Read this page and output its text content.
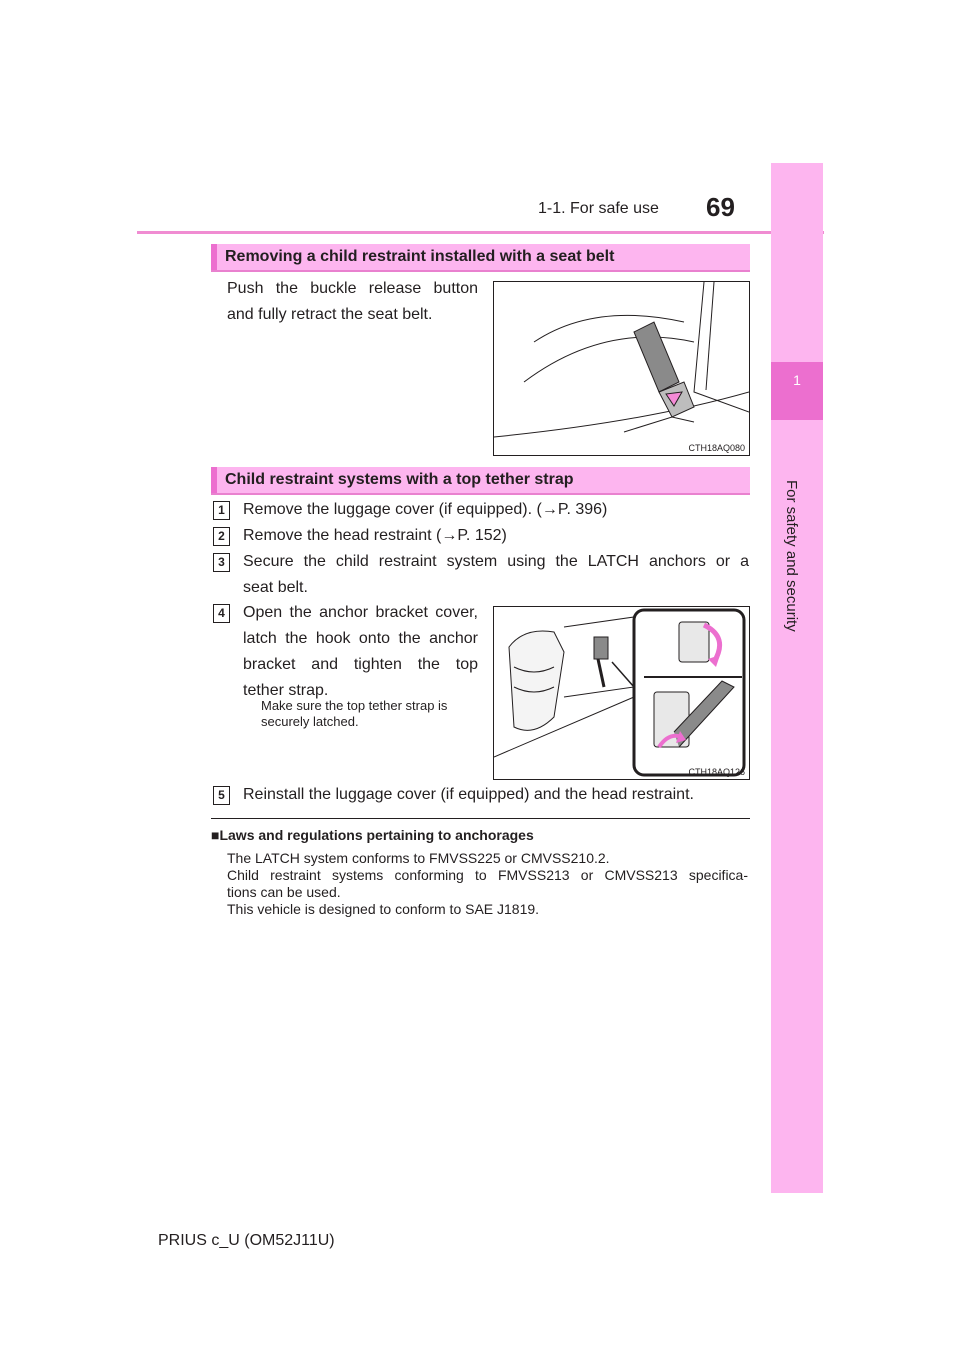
1-1. For safe use 69
1
For safety and security
Removing a child restraint installed with a seat belt
Push the buckle release button
and fully retract the seat belt.
CTH18AQ080
Child restraint systems with a top tether strap
1	Remove the luggage cover (if equipped). (→P. 396)
2	Remove the head restraint (→P. 152)
3	Secure the child restraint system using the LATCH anchors or a
seat belt.
4	Open the anchor bracket cover,
latch the hook onto the anchor
bracket and tighten the top
tether strap.
Make sure the top tether strap is
securely latched.
CTH18AQ126
5	Reinstall the luggage cover (if equipped) and the head restraint.
■Laws and regulations pertaining to anchorages
The LATCH system conforms to FMVSS225 or CMVSS210.2.
Child restraint systems conforming to FMVSS213 or CMVSS213 specifica-
tions can be used.
This vehicle is designed to conform to SAE J1819.
PRIUS c_U (OM52J11U)
